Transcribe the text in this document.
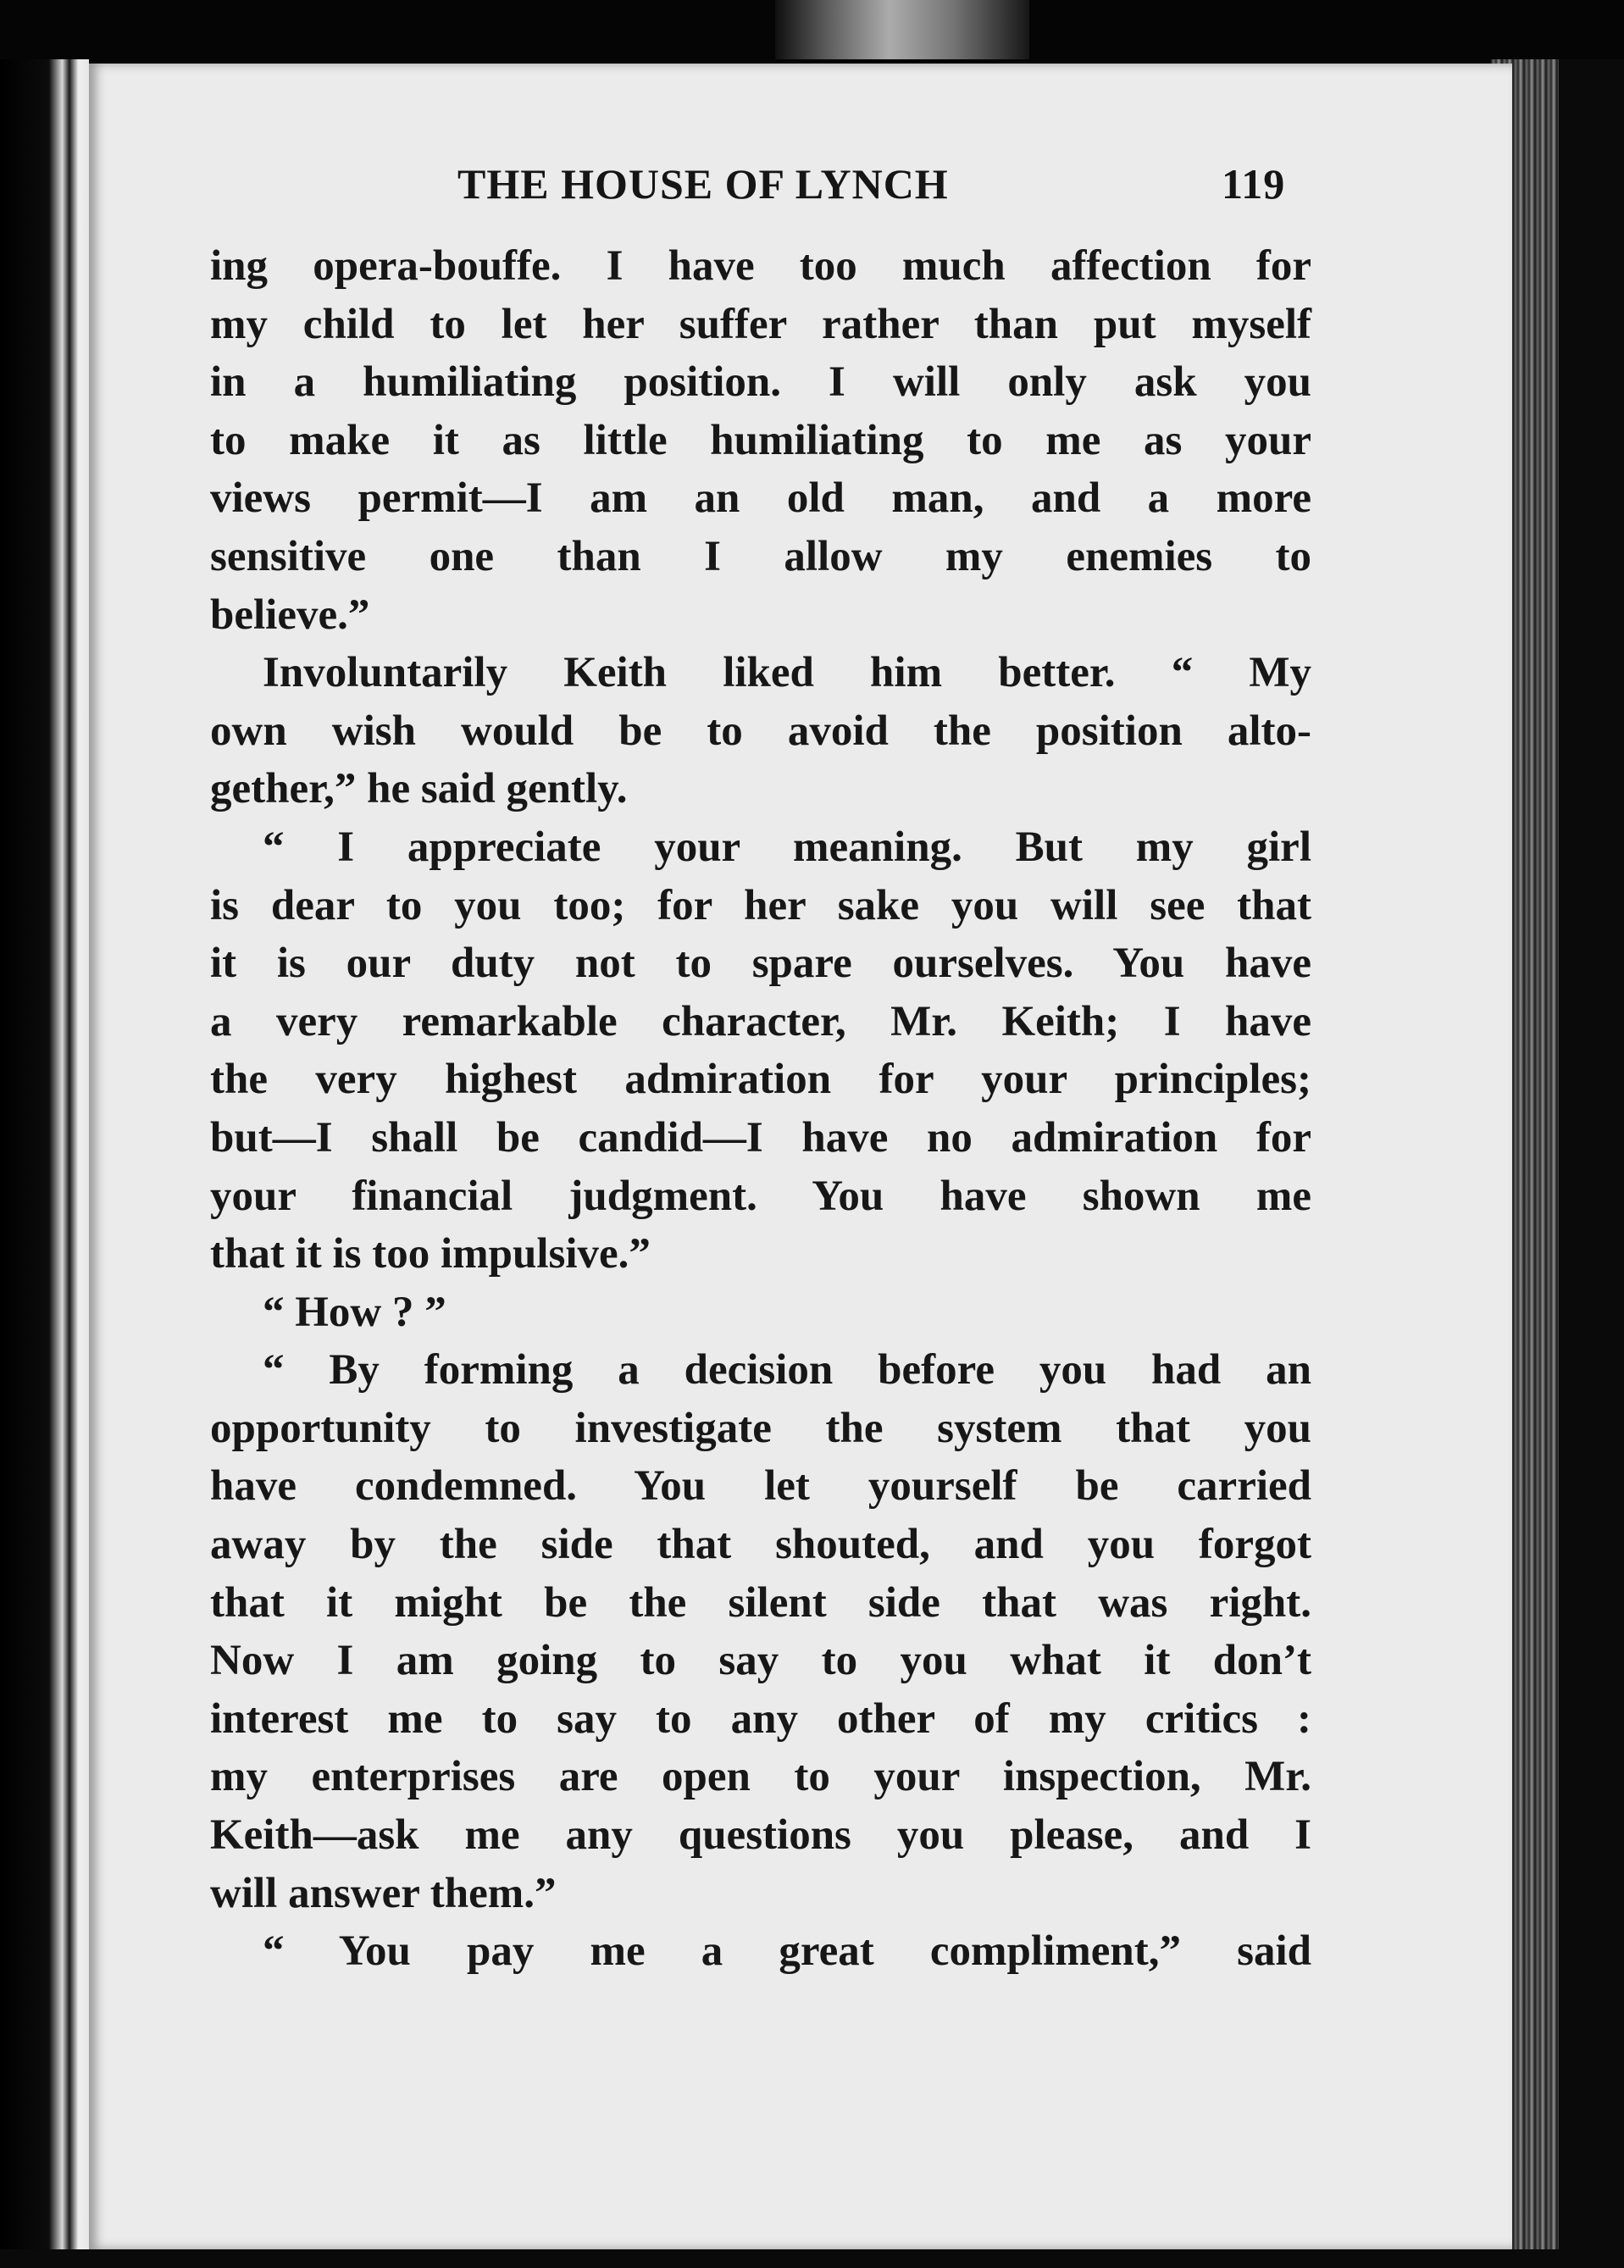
THE HOUSE OF LYNCH	119
ing opera-bouffe. I have too much affection for
my child to let her suffer rather than put myself
in a humiliating position. I will only ask you
to make it as little humiliating to me as your
views permit—I am an old man, and a more
sensitive one than I allow my enemies to
believe.”
Involuntarily Keith liked him better. “ My
own wish would be to avoid the position alto-
gether,” he said gently.
“ I appreciate your meaning. But my girl
is dear to you too; for her sake you will see that
it is our duty not to spare ourselves. You have
a very remarkable character, Mr. Keith; I have
the very highest admiration for your principles;
but—I shall be candid—I have no admiration for
your financial judgment. You have shown me
that it is too impulsive.”
“ How ? ”
“ By forming a decision before you had an
opportunity to investigate the system that you
have condemned. You let yourself be carried
away by the side that shouted, and you forgot
that it might be the silent side that was right.
Now I am going to say to you what it don’t
interest me to say to any other of my critics :
my enterprises are open to your inspection, Mr.
Keith—ask me any questions you please, and I
will answer them.”
“ You pay me a great compliment,” said
